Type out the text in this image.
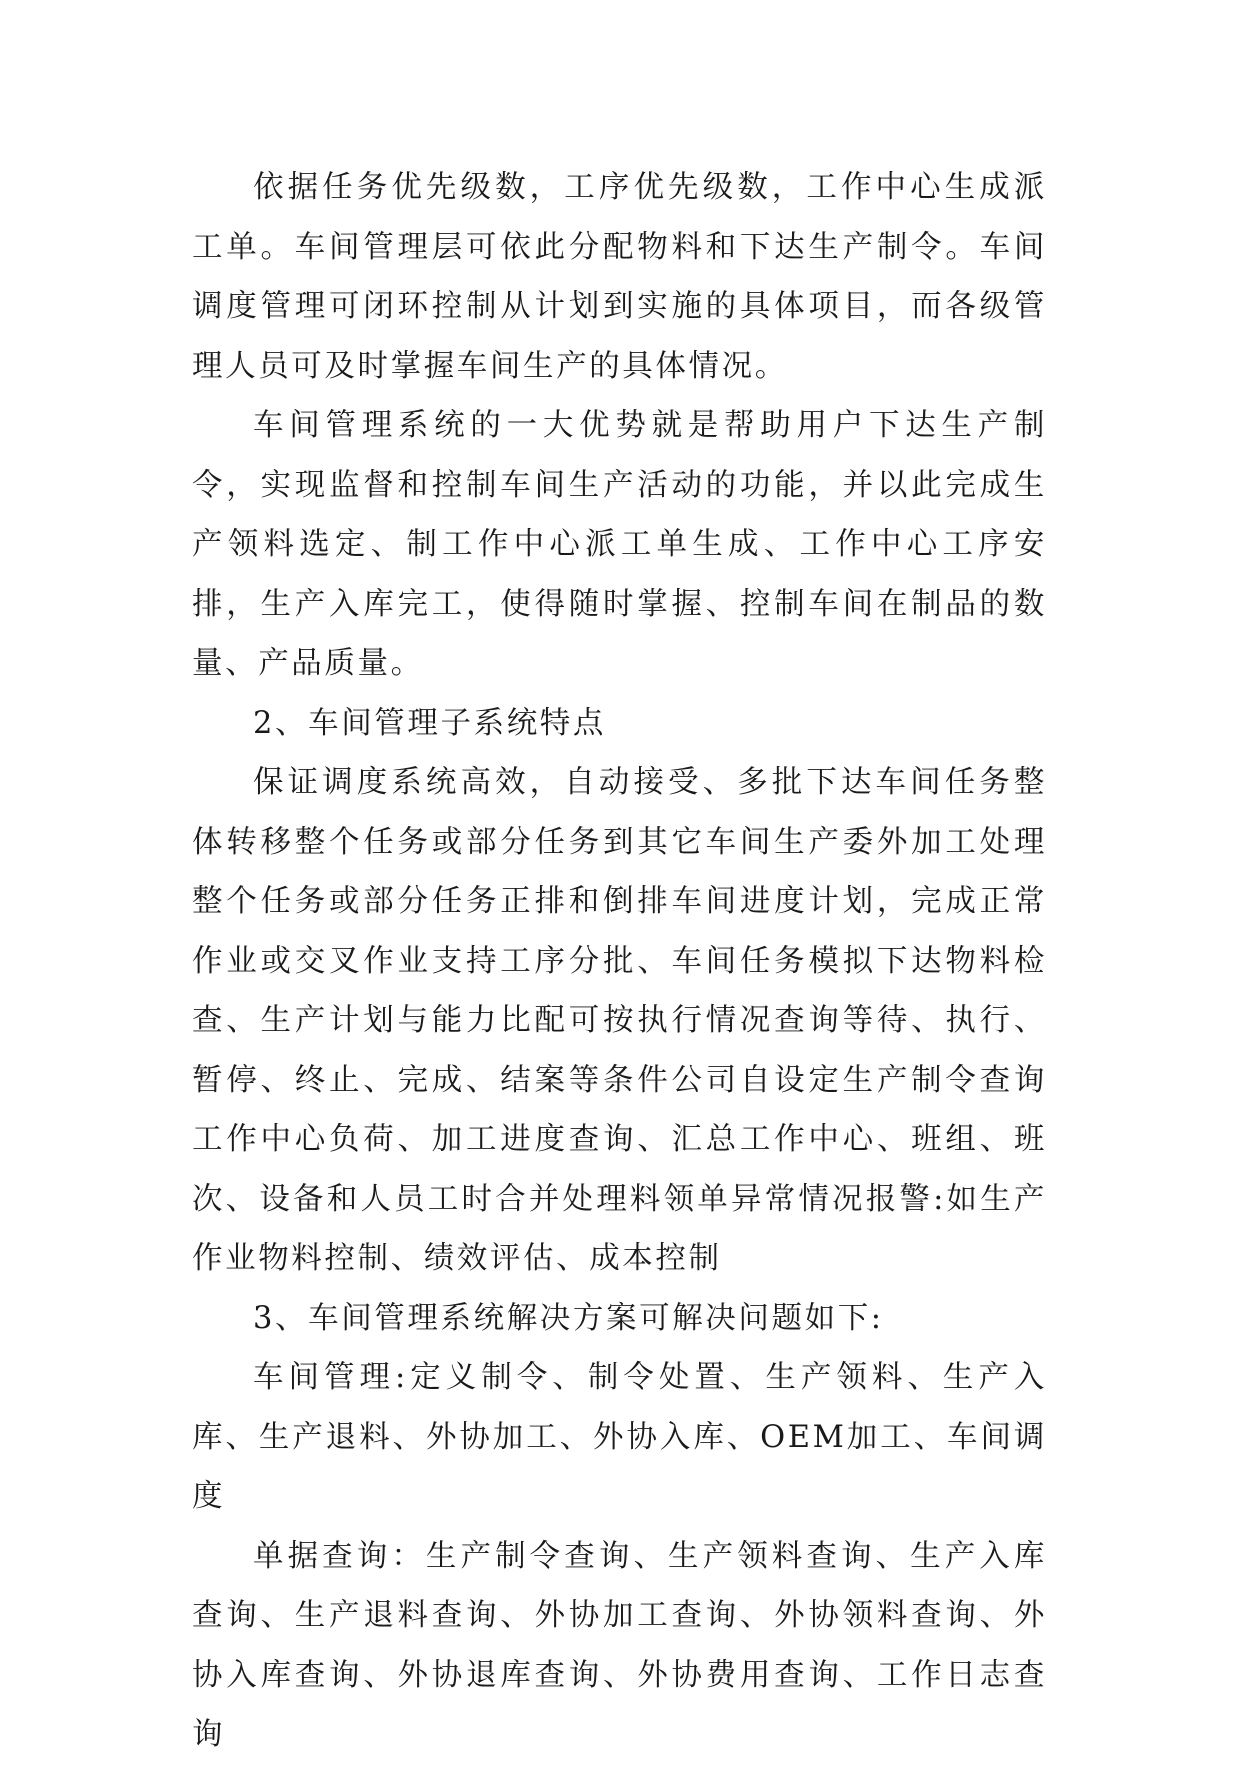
依据任务优先级数，工序优先级数，工作中心生成派工单。车间管理层可依此分配物料和下达生产制令。车间调度管理可闭环控制从计划到实施的具体项目，而各级管理人员可及时掌握车间生产的具体情况。

车间管理系统的一大优势就是帮助用户下达生产制令，实现监督和控制车间生产活动的功能，并以此完成生产领料选定、制工作中心派工单生成、工作中心工序安排，生产入库完工，使得随时掌握、控制车间在制品的数量、产品质量。

2、车间管理子系统特点

保证调度系统高效，自动接受、多批下达车间任务整体转移整个任务或部分任务到其它车间生产委外加工处理整个任务或部分任务正排和倒排车间进度计划，完成正常作业或交叉作业支持工序分批、车间任务模拟下达物料检查、生产计划与能力比配可按执行情况查询等待、执行、暂停、终止、完成、结案等条件公司自设定生产制令查询工作中心负荷、加工进度查询、汇总工作中心、班组、班次、设备和人员工时合并处理料领单异常情况报警:如生产作业物料控制、绩效评估、成本控制

3、车间管理系统解决方案可解决问题如下:

车间管理:定义制令、制令处置、生产领料、生产入库、生产退料、外协加工、外协入库、OEM加工、车间调度

单据查询：生产制令查询、生产领料查询、生产入库查询、生产退料查询、外协加工查询、外协领料查询、外协入库查询、外协退库查询、外协费用查询、工作日志查询
